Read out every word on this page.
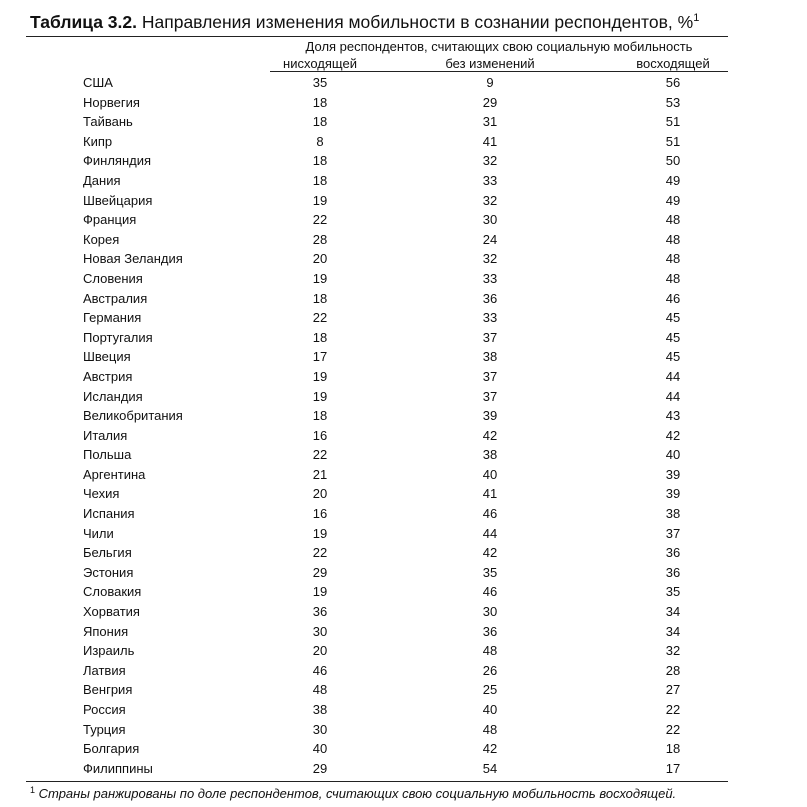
Таблица 3.2. Направления изменения мобильности в сознании респондентов, %$^1$
Доля респондентов, считающих свою социальную мобильность
нисходящей	без изменений	восходящей
США	35	9	56
Норвегия	18	29	53
Тайвань	18	31	51
Кипр	8	41	51
Финляндия	18	32	50
Дания	18	33	49
Швейцария	19	32	49
Франция	22	30	48
Корея	28	24	48
Новая Зеландия	20	32	48
Словения	19	33	48
Австралия	18	36	46
Германия	22	33	45
Португалия	18	37	45
Швеция	17	38	45
Австрия	19	37	44
Исландия	19	37	44
Великобритания	18	39	43
Италия	16	42	42
Польша	22	38	40
Аргентина	21	40	39
Чехия	20	41	39
Испания	16	46	38
Чили	19	44	37
Бельгия	22	42	36
Эстония	29	35	36
Словакия	19	46	35
Хорватия	36	30	34
Япония	30	36	34
Израиль	20	48	32
Латвия	46	26	28
Венгрия	48	25	27
Россия	38	40	22
Турция	30	48	22
Болгария	40	42	18
Филиппины	29	54	17
$^1$ Страны ранжированы по доле респондентов, считающих свою социальную мобильность восходящей.
